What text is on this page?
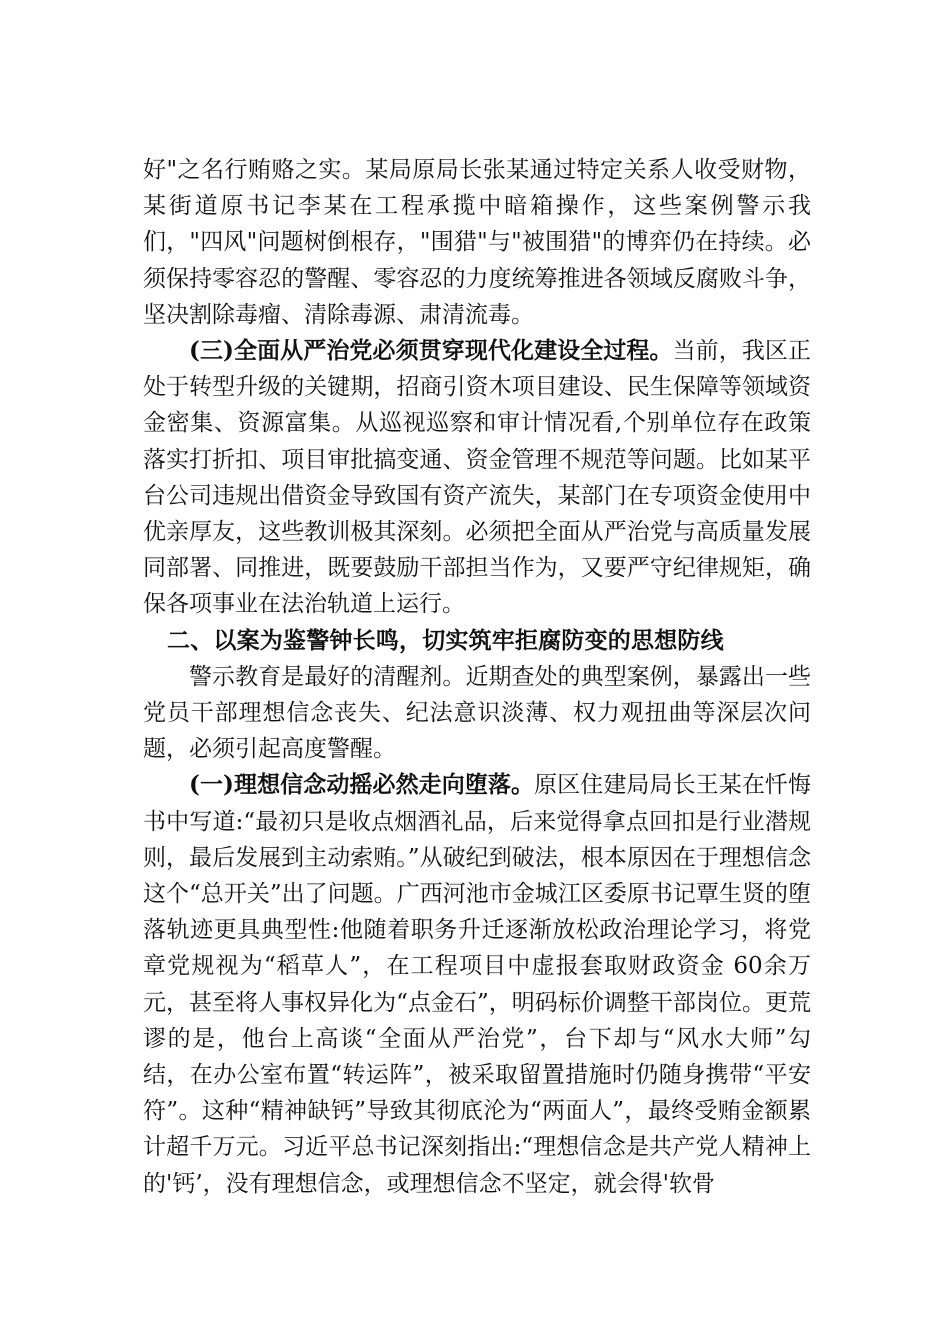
好"之名行贿赂之实。某局原局长张某通过特定关系人收受财物，某街道原书记李某在工程承揽中暗箱操作，这些案例警示我们，"四风"问题树倒根存，"围猎"与"被围猎"的博弈仍在持续。必须保持零容忍的警醒、零容忍的力度统筹推进各领域反腐败斗争，坚决割除毒瘤、清除毒源、肃清流毒。

(三)全面从严治党必须贯穿现代化建设全过程。当前，我区正处于转型升级的关键期，招商引资木项目建设、民生保障等领域资金密集、资源富集。从巡视巡察和审计情况看,个别单位存在政策落实打折扣、项目审批搞变通、资金管理不规范等问题。比如某平台公司违规出借资金导致国有资产流失，某部门在专项资金使用中优亲厚友，这些教训极其深刻。必须把全面从严治党与高质量发展同部署、同推进，既要鼓励干部担当作为，又要严守纪律规矩，确保各项事业在法治轨道上运行。

二、以案为鉴警钟长鸣，切实筑牢拒腐防变的思想防线

警示教育是最好的清醒剂。近期查处的典型案例，暴露出一些党员干部理想信念丧失、纪法意识淡薄、权力观扭曲等深层次问题，必须引起高度警醒。

(一)理想信念动摇必然走向堕落。原区住建局局长王某在忏悔书中写道:“最初只是收点烟酒礼品，后来觉得拿点回扣是行业潜规则，最后发展到主动索贿。”从破纪到破法，根本原因在于理想信念这个“总开关”出了问题。广西河池市金城江区委原书记覃生贤的堕落轨迹更具典型性:他随着职务升迁逐渐放松政治理论学习，将党章党规视为“稻草人”，在工程项目中虚报套取财政资金 60余万元，甚至将人事权异化为“点金石”，明码标价调整干部岗位。更荒谬的是，他台上高谈“全面从严治党”，台下却与“风水大师”勾结，在办公室布置“转运阵”，被采取留置措施时仍随身携带“平安符”。这种“精神缺钙”导致其彻底沦为“两面人”，最终受贿金额累计超千万元。习近平总书记深刻指出:“理想信念是共产党人精神上的'钙’，没有理想信念，或理想信念不坚定，就会得'软骨
